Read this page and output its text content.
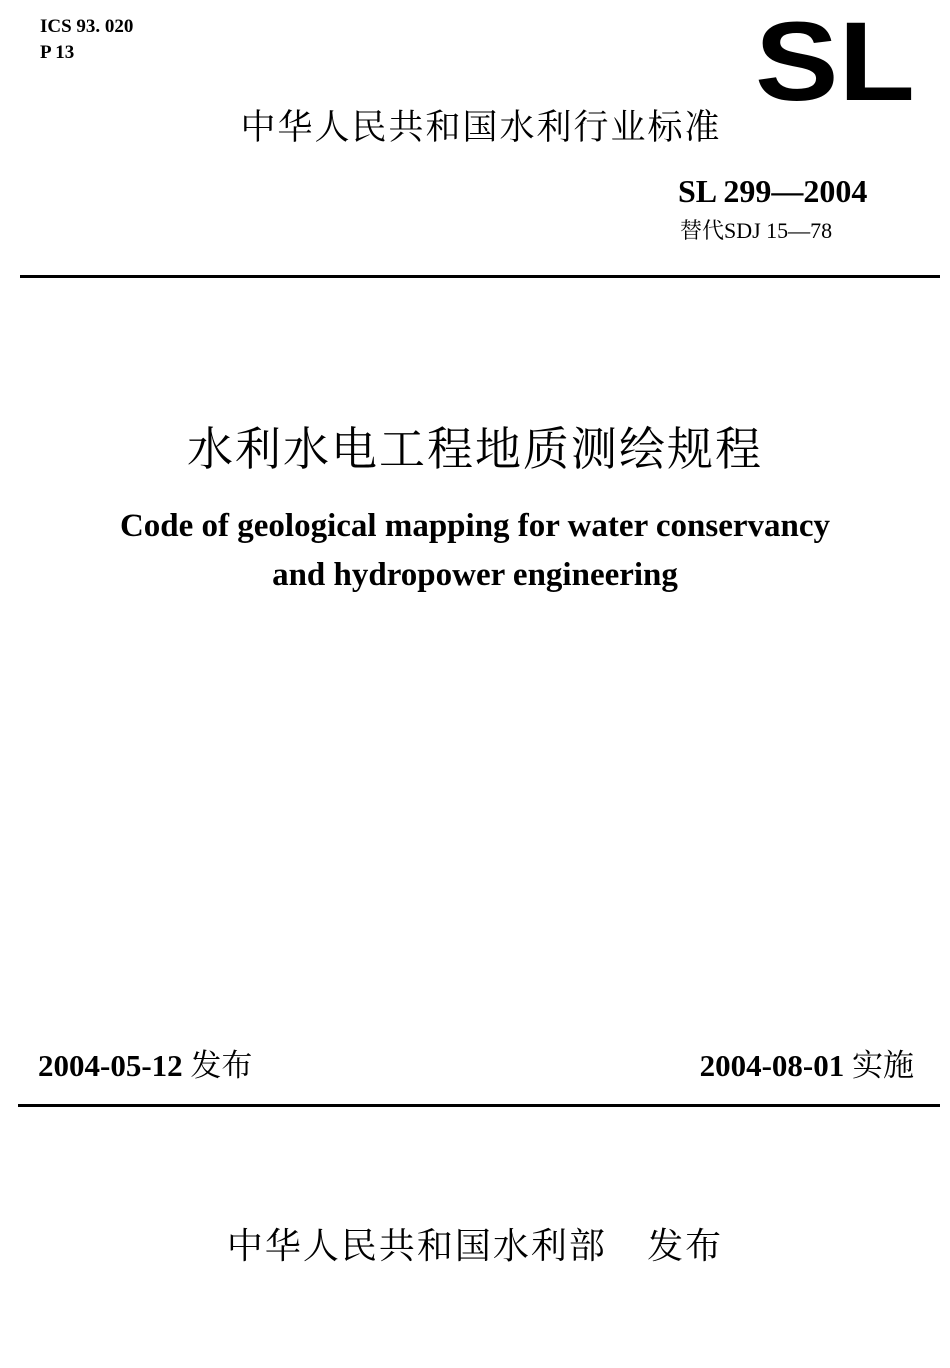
ICS 93. 020
P 13	SL
中华人民共和国水利行业标准
SL 299—2004
替代SDJ 15—78
水利水电工程地质测绘规程
Code of geological mapping for water conservancy
and hydropower engineering
2004-05-12 发布	2004-08-01 实施
中华人民共和国水利部   发布
